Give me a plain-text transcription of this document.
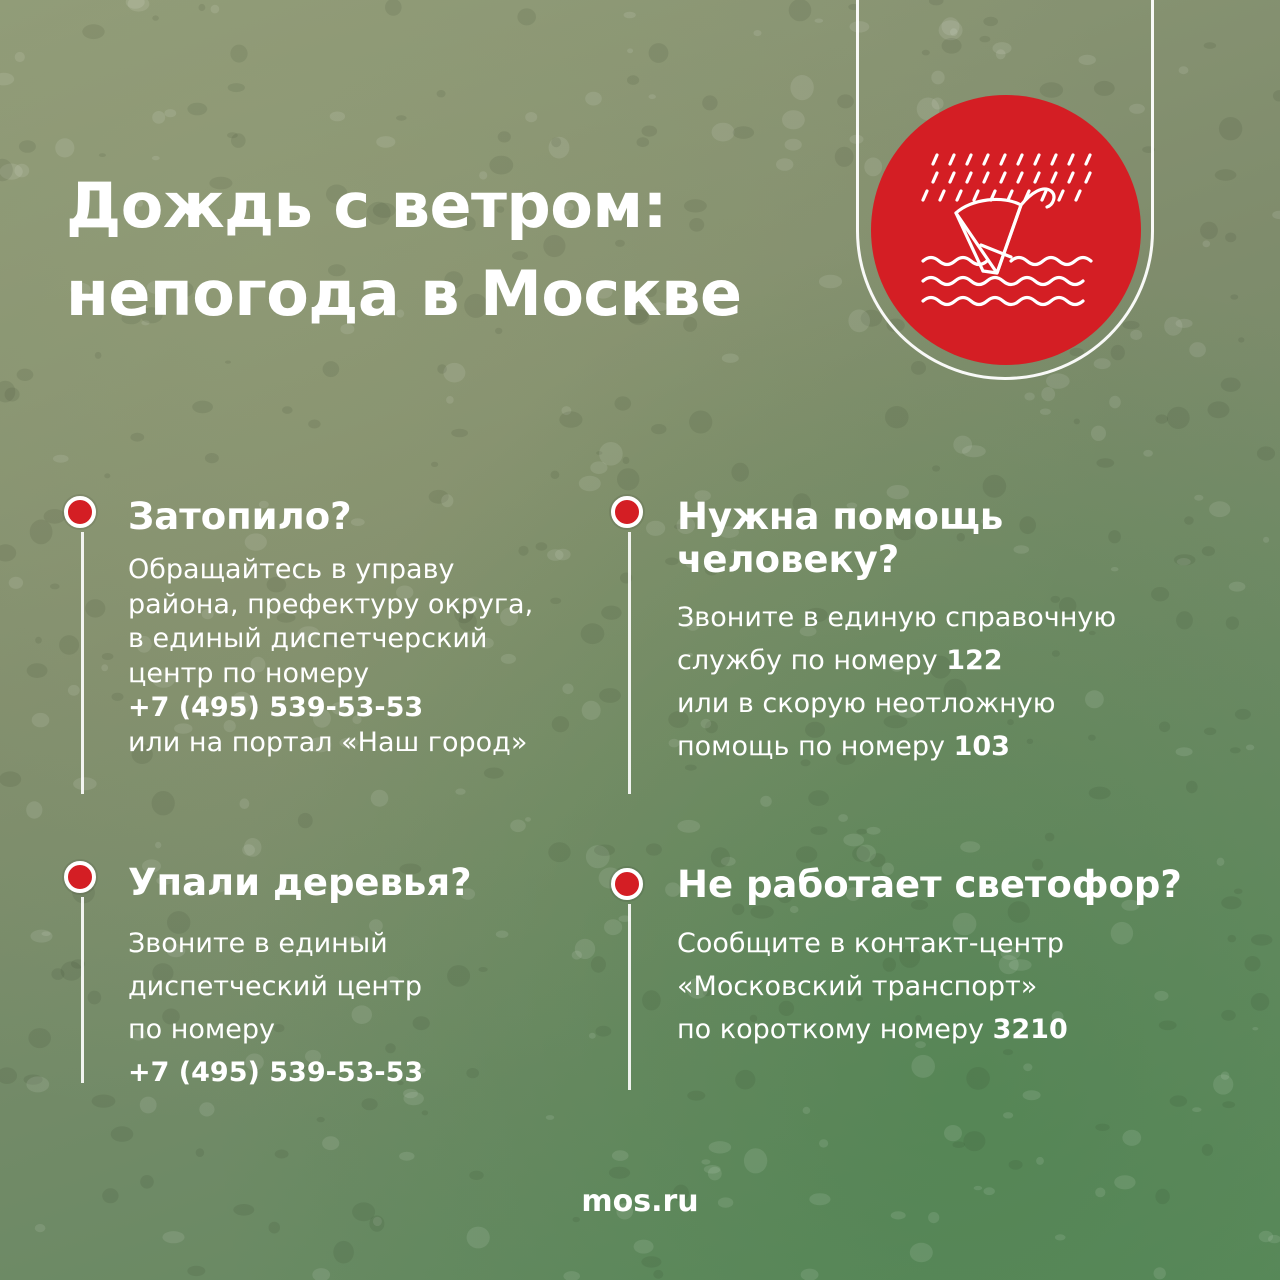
Дождь с ветром:
непогода в Москве
Затопило?
Обращайтесь в управу
района, префектуру округа,
в единый диспетчерский
центр по номеру
+7 (495) 539-53-53
или на портал «Наш город»
Нужна помощь
человеку?
Звоните в единую справочную
службу по номеру 122
или в скорую неотложную
помощь по номеру 103
Упали деревья?
Звоните в единый
диспетческий центр
по номеру
+7 (495) 539-53-53
Не работает светофор?
Сообщите в контакт-центр
«Московский транспорт»
по короткому номеру 3210

mos.ru
